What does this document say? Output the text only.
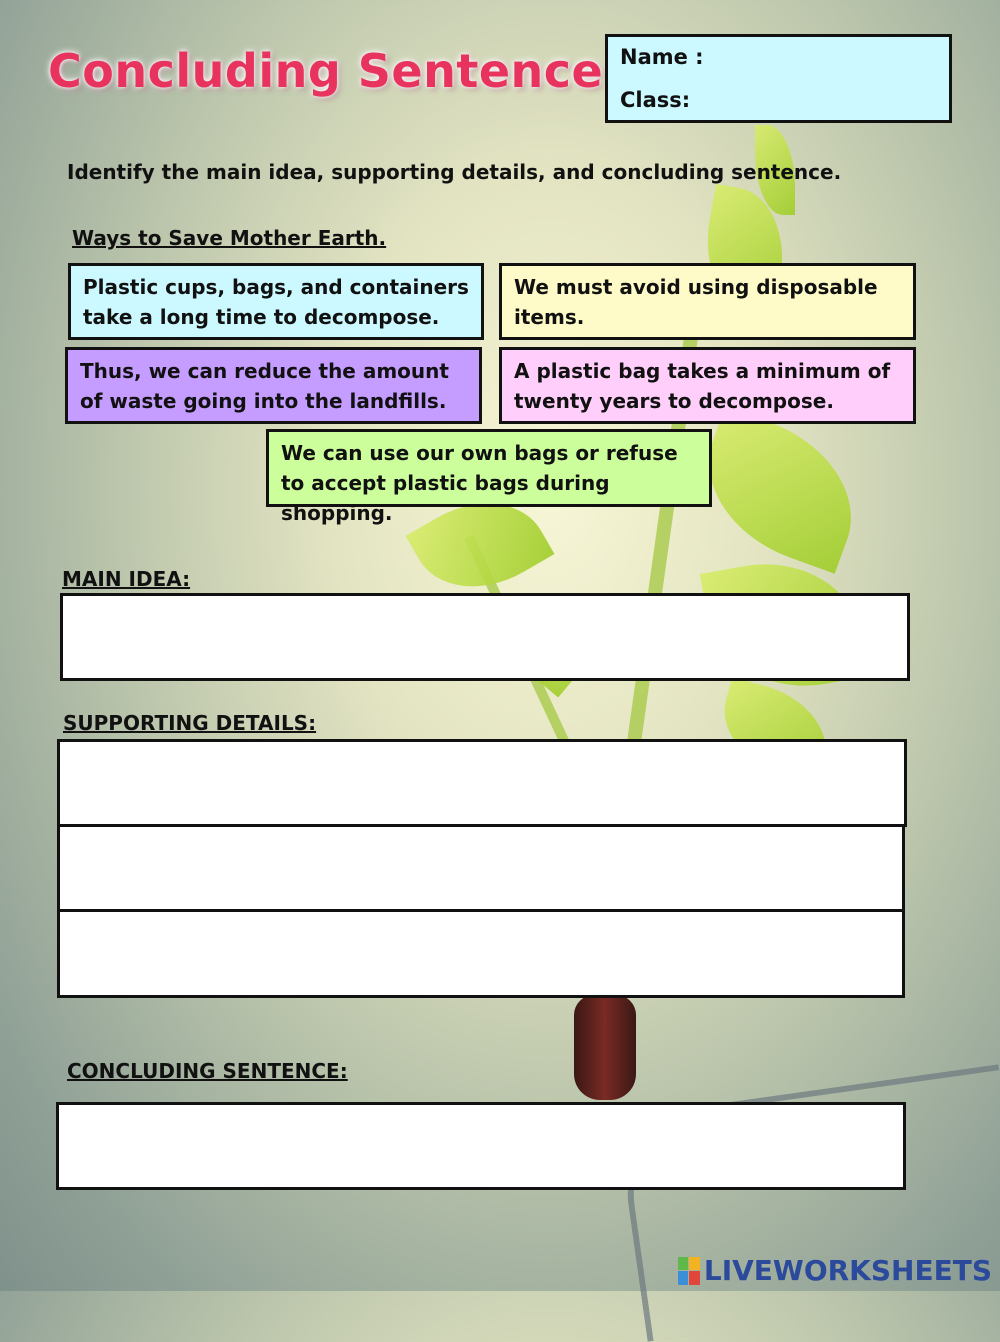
Concluding Sentence Name :
Class:
Identify the main idea, supporting details, and concluding sentence.
Ways to Save Mother Earth.
Plastic cups, bags, and containers take a long time to decompose.
We must avoid using disposable items.
Thus, we can reduce the amount of waste going into the landfills.
A plastic bag takes a minimum of twenty years to decompose.
We can use our own bags or refuse to accept plastic bags during shopping.
MAIN IDEA:
SUPPORTING DETAILS:
CONCLUDING SENTENCE:
LIVEWORKSHEETS
